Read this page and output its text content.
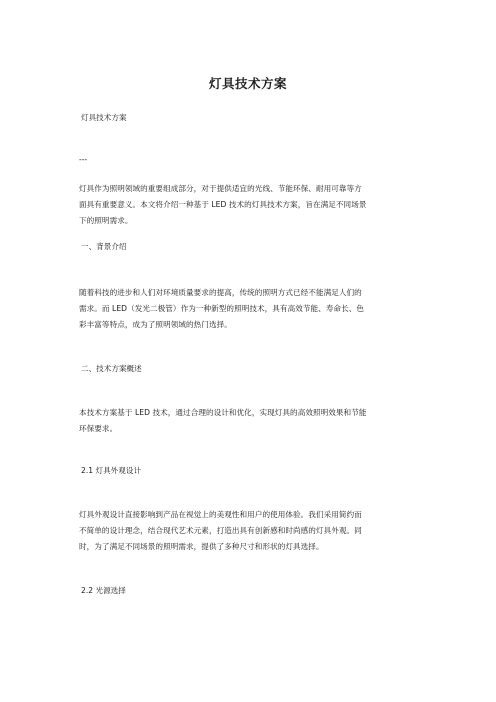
灯具技术方案
灯具技术方案
---
灯具作为照明领域的重要组成部分，对于提供适宜的光线、节能环保、耐用可靠等方
面具有重要意义。本文将介绍一种基于 LED 技术的灯具技术方案，旨在满足不同场景
下的照明需求。
一、背景介绍
随着科技的进步和人们对环境质量要求的提高，传统的照明方式已经不能满足人们的
需求。而 LED（发光二极管）作为一种新型的照明技术，具有高效节能、寿命长、色
彩丰富等特点，成为了照明领域的热门选择。
二、技术方案概述
本技术方案基于 LED 技术，通过合理的设计和优化，实现灯具的高效照明效果和节能
环保要求。
2.1 灯具外观设计
灯具外观设计直接影响到产品在视觉上的美观性和用户的使用体验。我们采用简约而
不简单的设计理念，结合现代艺术元素，打造出具有创新感和时尚感的灯具外观。同
时，为了满足不同场景的照明需求，提供了多种尺寸和形状的灯具选择。
2.2 光源选择
